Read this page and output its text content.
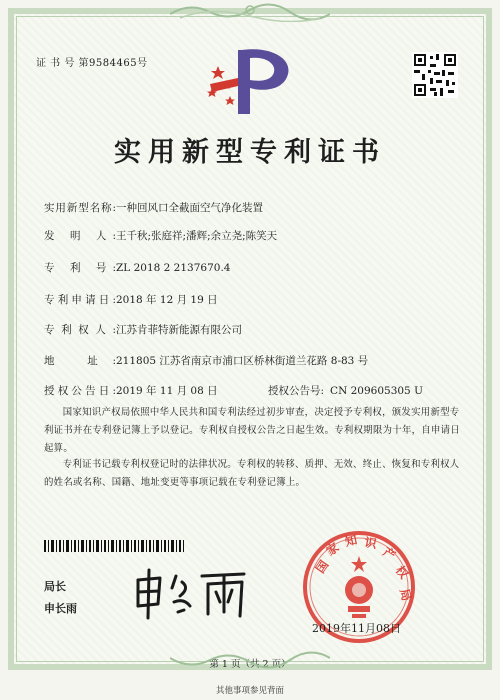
证 书 号 第9584465号
实用新型专利证书
实用新型名称:一种回风口全截面空气净化装置
发 明 人:王千秋;张庭祥;潘辉;余立尧;陈笑天
专 利 号:ZL 2018 2 2137670.4
专利申请日:2018 年 12 月 19 日
专利权人:江苏肯菲特新能源有限公司
地 址:211805 江苏省南京市浦口区桥林街道兰花路 8-83 号
授权公告日:2019 年 11 月 08 日	授权公告号: CN 209605305 U
国家知识产权局依照中华人民共和国专利法经过初步审查，决定授予专利权，颁发实用新型专利证书并在专利登记簿上予以登记。专利权自授权公告之日起生效。专利权期限为十年，自申请日起算。
专利证书记载专利权登记时的法律状况。专利权的转移、质押、无效、终止、恢复和专利权人的姓名或名称、国籍、地址变更等事项记载在专利登记簿上。
局长
申长雨
国
家 知 识
产
权
局
2019年11月08日
第 1 页（共 2 页）
其他事项参见背面
